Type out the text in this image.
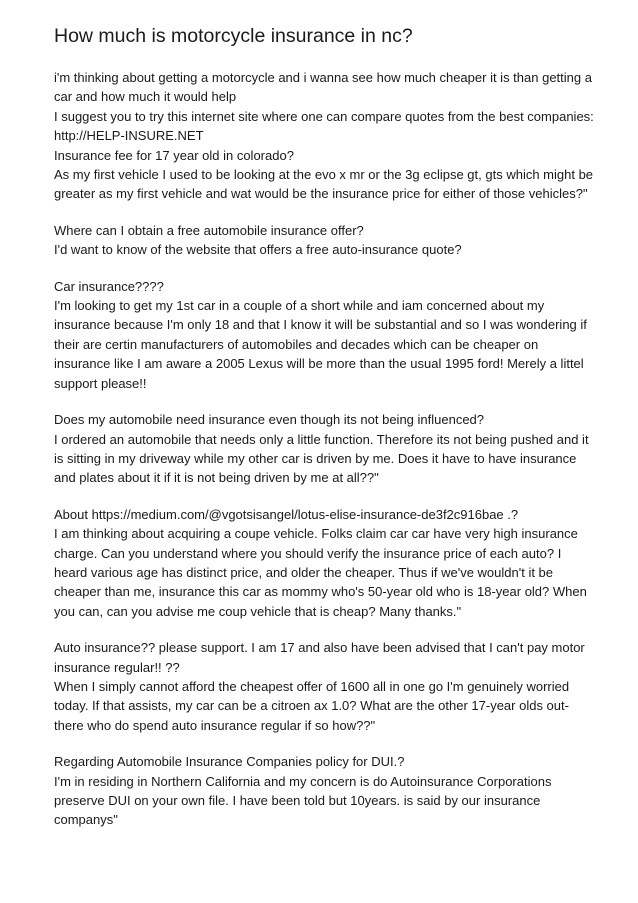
How much is motorcycle insurance in nc?

i'm thinking about getting a motorcycle and i wanna see how much cheaper it is than getting a car and how much it would help

I suggest you to try this internet site where one can compare quotes from the best companies: http://HELP-INSURE.NET

Insurance fee for 17 year old in colorado?

As my first vehicle I used to be looking at the evo x mr or the 3g eclipse gt, gts which might be greater as my first vehicle and wat would be the insurance price for either of those vehicles?"

Where can I obtain a free automobile insurance offer?

I'd want to know of the website that offers a free auto-insurance quote?

Car insurance????

I'm looking to get my 1st car in a couple of a short while and iam concerned about my insurance because I'm only 18 and that I know it will be substantial and so I was wondering if their are certin manufacturers of automobiles and decades which can be cheaper on insurance like I am aware a 2005 Lexus will be more than the usual 1995 ford! Merely a littel support please!!

Does my automobile need insurance even though its not being influenced?

I ordered an automobile that needs only a little function. Therefore its not being pushed and it is sitting in my driveway while my other car is driven by me. Does it have to have insurance and plates about it if it is not being driven by me at all??"

About https://medium.com/@vgotsisangel/lotus-elise-insurance-de3f2c916bae .?

I am thinking about acquiring a coupe vehicle. Folks claim car car have very high insurance charge. Can you understand where you should verify the insurance price of each auto? I heard various age has distinct price, and older the cheaper. Thus if we've wouldn't it be cheaper than me, insurance this car as mommy who's 50-year old who is 18-year old? When you can, can you advise me coup vehicle that is cheap? Many thanks."

Auto insurance?? please support. I am 17 and also have been advised that I can't pay motor insurance regular!! ??

When I simply cannot afford the cheapest offer of 1600 all in one go I'm genuinely worried today. If that assists, my car can be a citroen ax 1.0? What are the other 17-year olds out-there who do spend auto insurance regular if so how??"

Regarding Automobile Insurance Companies policy for DUI.?

I'm in residing in Northern California and my concern is do Autoinsurance Corporations preserve DUI on your own file. I have been told but 10years. is said by our insurance companys"
